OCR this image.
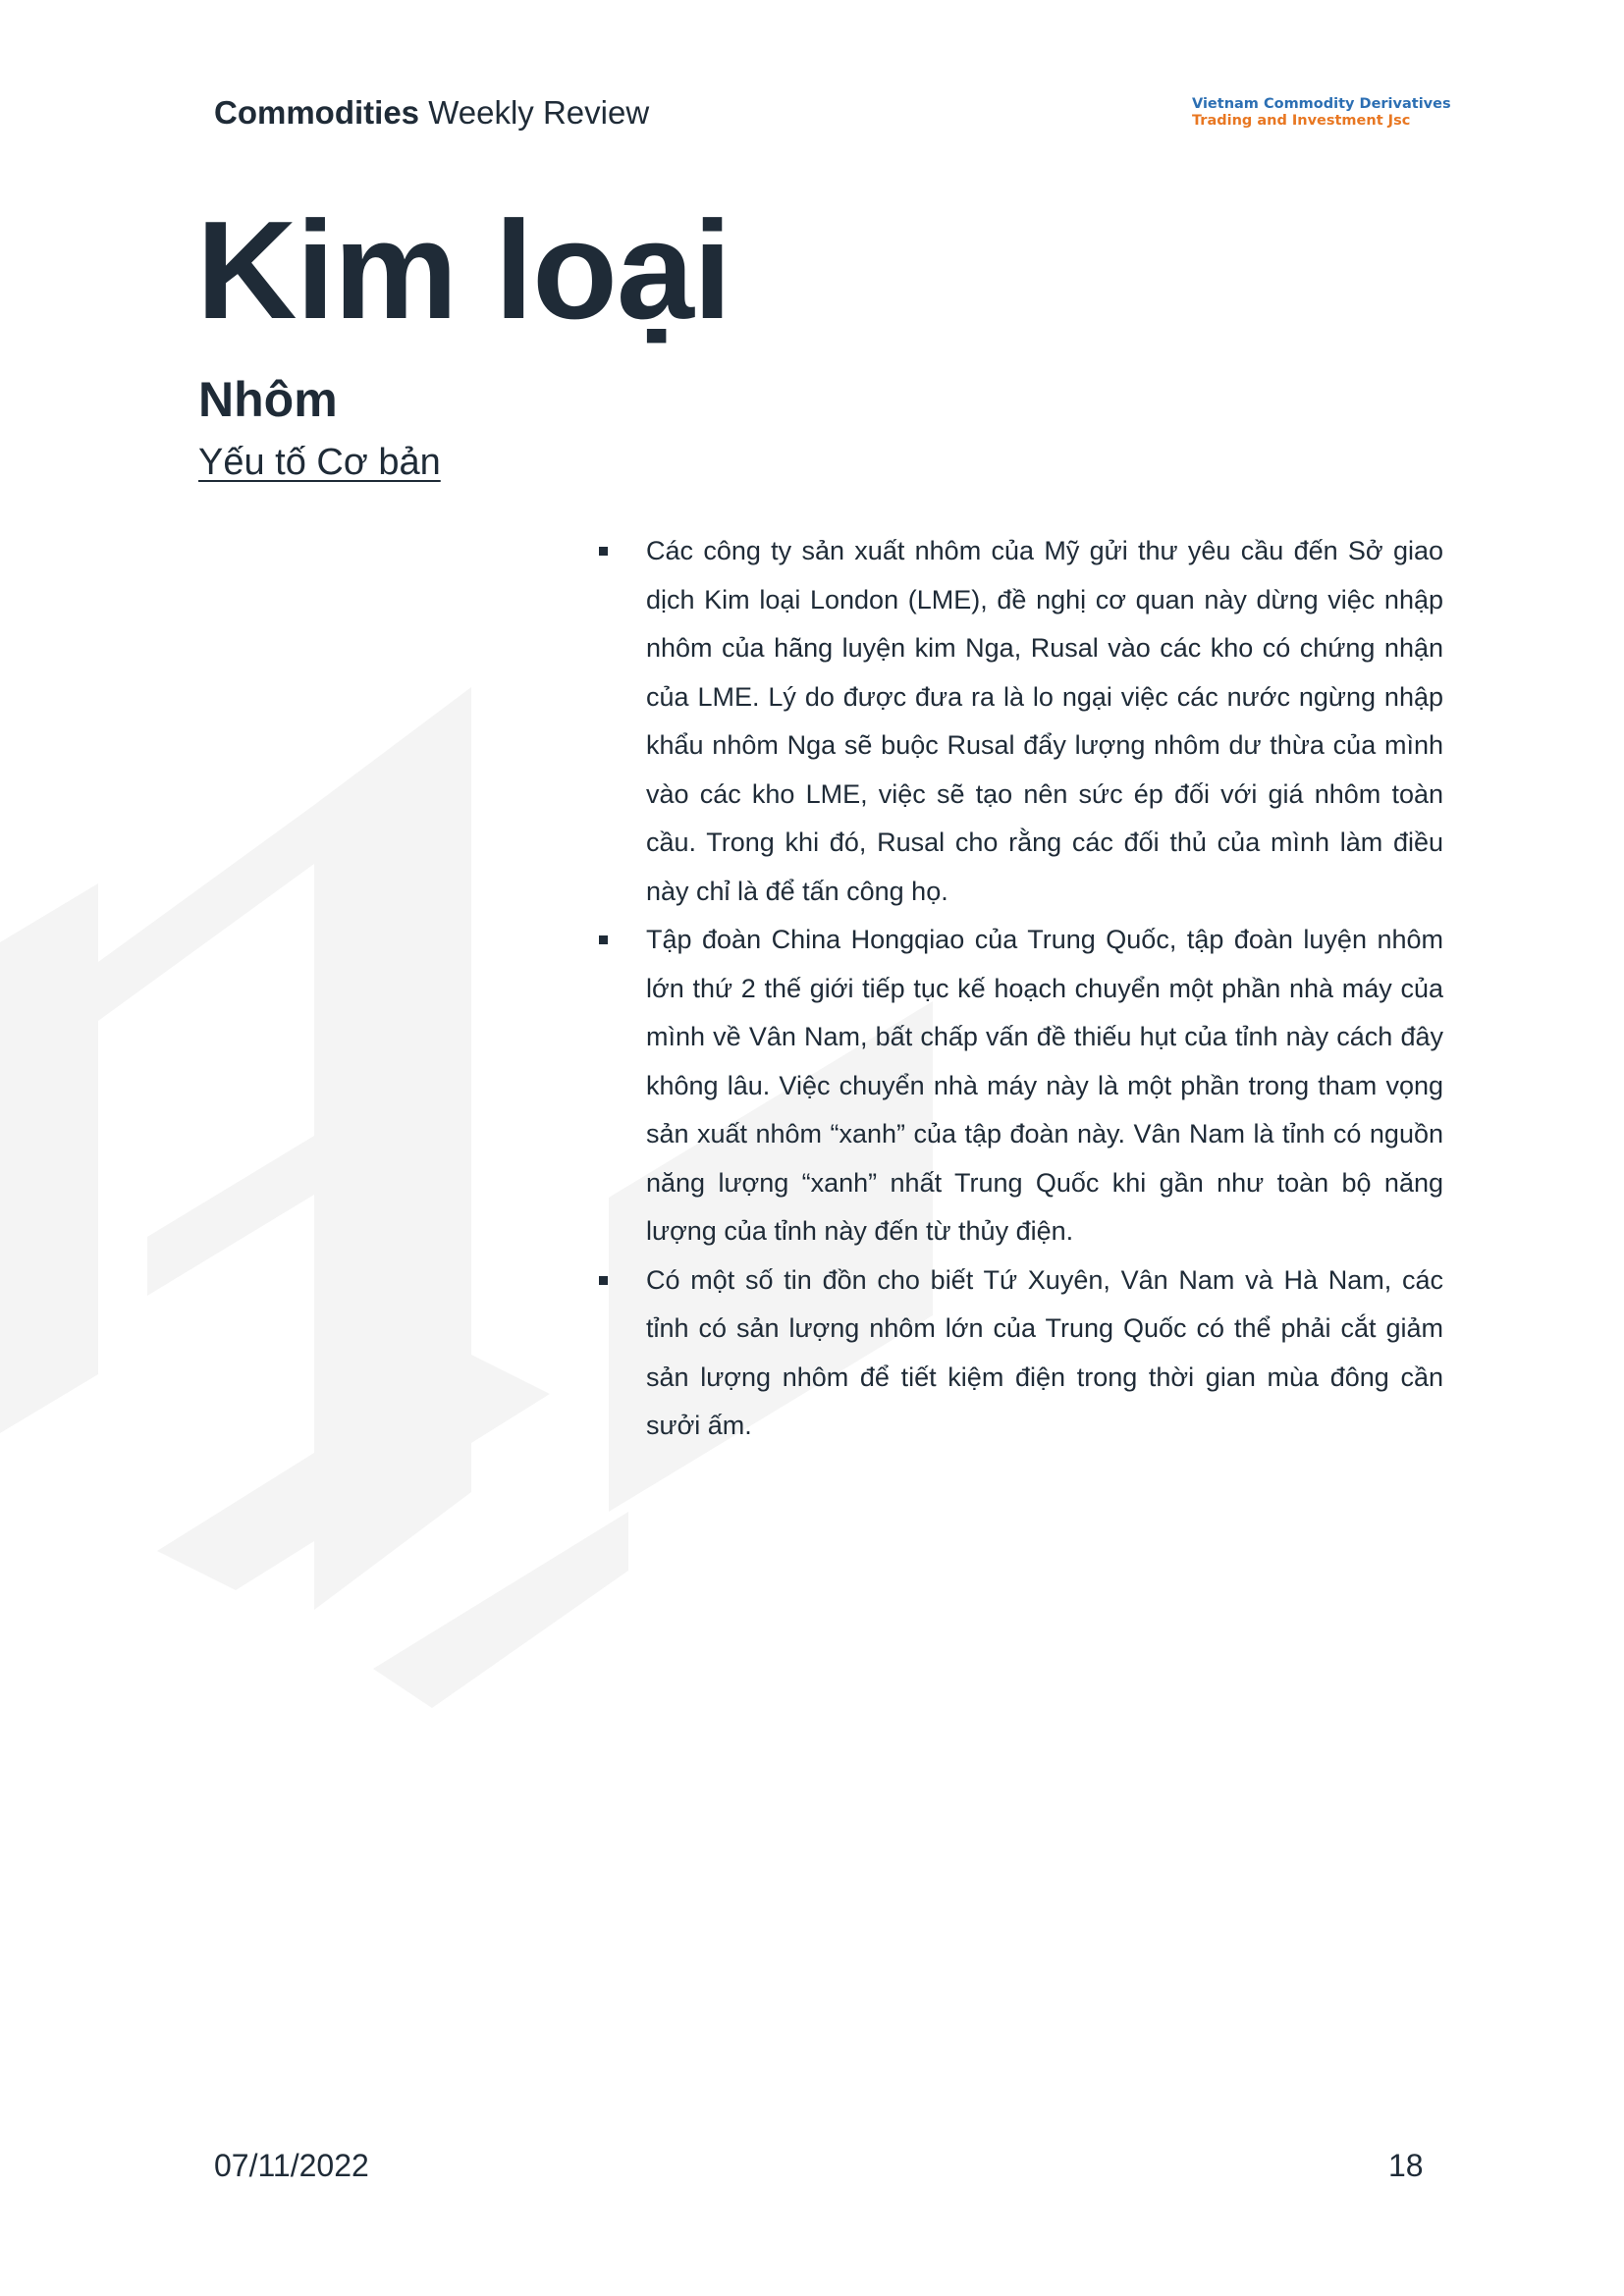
Commodities Weekly Review	Vietnam Commodity Derivatives
Trading and Investment Jsc
Kim loại
Nhôm
Yếu tố Cơ bản
Các công ty sản xuất nhôm của Mỹ gửi thư yêu cầu đến Sở giao dịch Kim loại London (LME), đề nghị cơ quan này dừng việc nhập nhôm của hãng luyện kim Nga, Rusal vào các kho có chứng nhận của LME. Lý do được đưa ra là lo ngại việc các nước ngừng nhập khẩu nhôm Nga sẽ buộc Rusal đẩy lượng nhôm dư thừa của mình vào các kho LME, việc sẽ tạo nên sức ép đối với giá nhôm toàn cầu. Trong khi đó, Rusal cho rằng các đối thủ của mình làm điều này chỉ là để tấn công họ.
Tập đoàn China Hongqiao của Trung Quốc, tập đoàn luyện nhôm lớn thứ 2 thế giới tiếp tục kế hoạch chuyển một phần nhà máy của mình về Vân Nam, bất chấp vấn đề thiếu hụt của tỉnh này cách đây không lâu. Việc chuyển nhà máy này là một phần trong tham vọng sản xuất nhôm “xanh” của tập đoàn này. Vân Nam là tỉnh có nguồn năng lượng “xanh” nhất Trung Quốc khi gần như toàn bộ năng lượng của tỉnh này đến từ thủy điện.
Có một số tin đồn cho biết Tứ Xuyên, Vân Nam và Hà Nam, các tỉnh có sản lượng nhôm lớn của Trung Quốc có thể phải cắt giảm sản lượng nhôm để tiết kiệm điện trong thời gian mùa đông cần sưởi ấm.
07/11/2022	18
